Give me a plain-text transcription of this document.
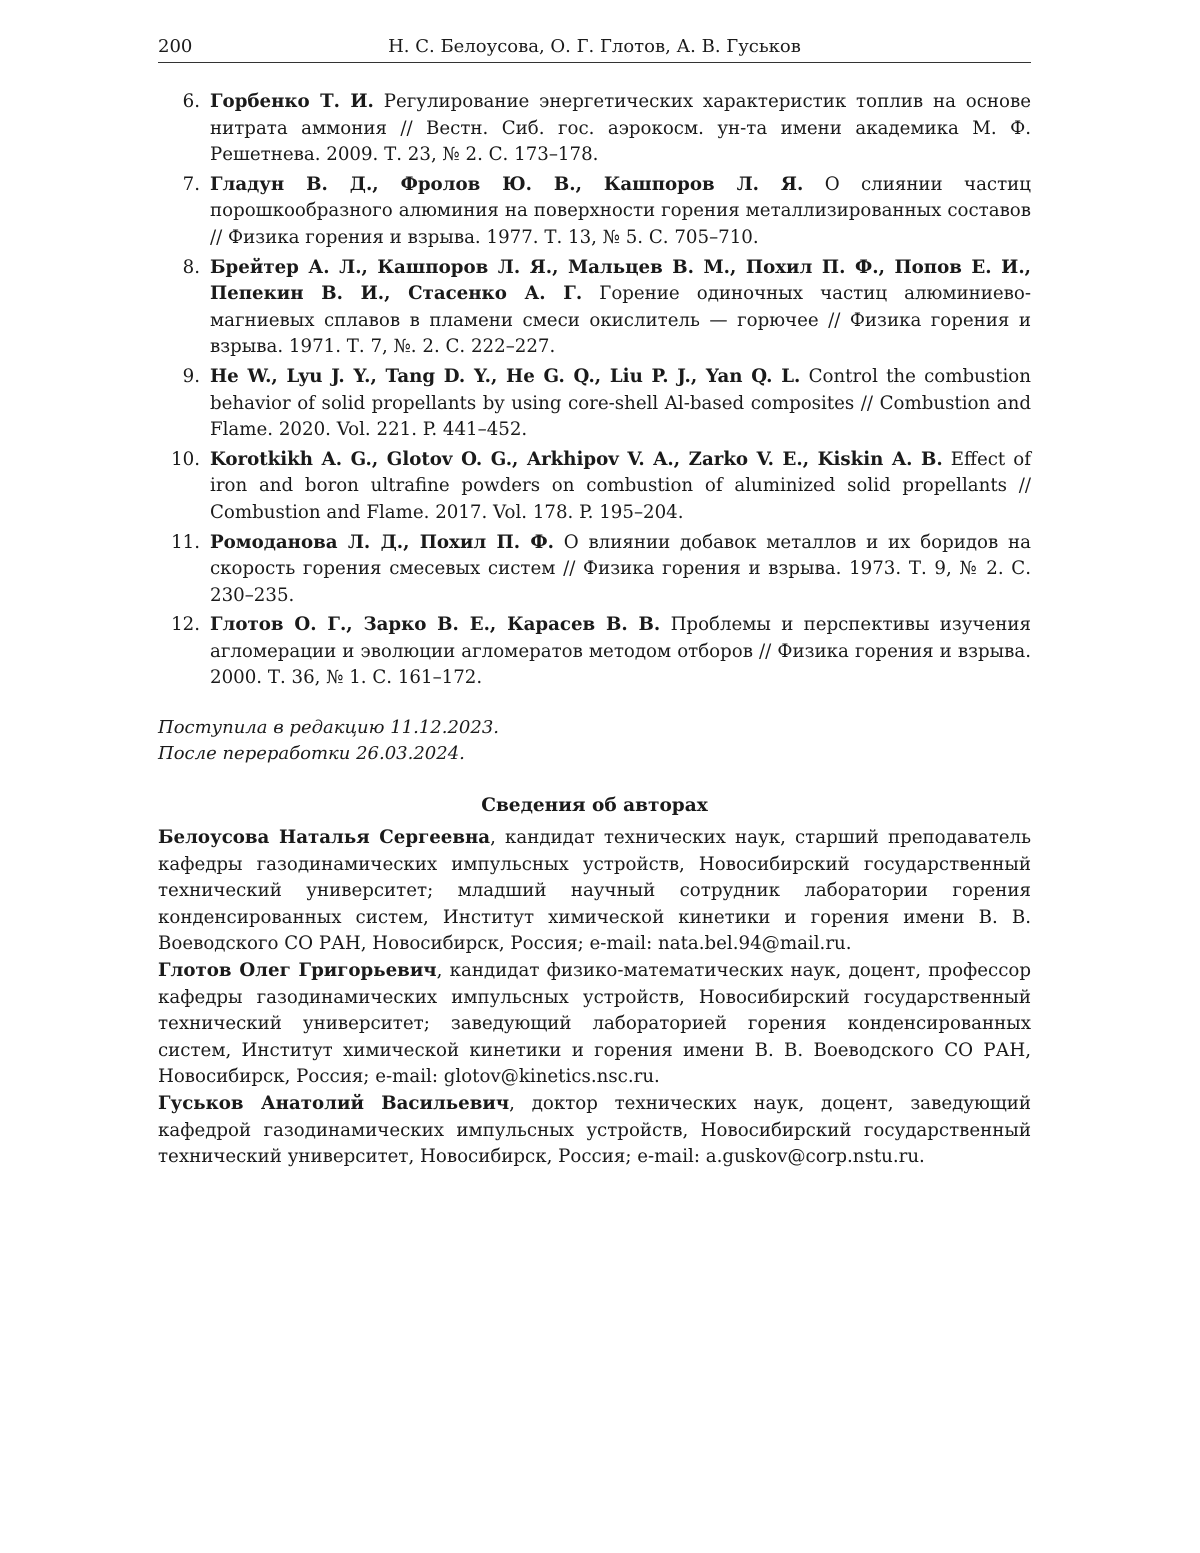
200	Н. С. Белоусова, О. Г. Глотов, А. В. Гуськов
6. Горбенко Т. И. Регулирование энергетических характеристик топлив на основе нитрата аммония // Вестн. Сиб. гос. аэрокосм. ун-та имени академика М. Ф. Решетнева. 2009. Т. 23, № 2. С. 173–178.
7. Гладун В. Д., Фролов Ю. В., Кашпоров Л. Я. О слиянии частиц порошкообразного алюминия на поверхности горения металлизированных составов // Физика горения и взрыва. 1977. Т. 13, № 5. С. 705–710.
8. Брейтер А. Л., Кашпоров Л. Я., Мальцев В. М., Похил П. Ф., Попов Е. И., Пепекин В. И., Стасенко А. Г. Горение одиночных частиц алюминиево-магниевых сплавов в пламени смеси окислитель — горючее // Физика горения и взрыва. 1971. Т. 7, №. 2. С. 222–227.
9. He W., Lyu J. Y., Tang D. Y., He G. Q., Liu P. J., Yan Q. L. Control the combustion behavior of solid propellants by using core-shell Al-based composites // Combustion and Flame. 2020. Vol. 221. P. 441–452.
10. Korotkikh A. G., Glotov O. G., Arkhipov V. A., Zarko V. E., Kiskin A. B. Effect of iron and boron ultrafine powders on combustion of aluminized solid propellants // Combustion and Flame. 2017. Vol. 178. P. 195–204.
11. Ромоданова Л. Д., Похил П. Ф. О влиянии добавок металлов и их боридов на скорость горения смесевых систем // Физика горения и взрыва. 1973. Т. 9, № 2. С. 230–235.
12. Глотов О. Г., Зарко В. Е., Карасев В. В. Проблемы и перспективы изучения агломерации и эволюции агломератов методом отборов // Физика горения и взрыва. 2000. Т. 36, № 1. С. 161–172.
Поступила в редакцию 11.12.2023.
После переработки 26.03.2024.
Сведения об авторах
Белоусова Наталья Сергеевна, кандидат технических наук, старший преподаватель кафедры газодинамических импульсных устройств, Новосибирский государственный технический университет; младший научный сотрудник лаборатории горения конденсированных систем, Институт химической кинетики и горения имени В. В. Воеводского СО РАН, Новосибирск, Россия; e-mail: nata.bel.94@mail.ru.
Глотов Олег Григорьевич, кандидат физико-математических наук, доцент, профессор кафедры газодинамических импульсных устройств, Новосибирский государственный технический университет; заведующий лабораторией горения конденсированных систем, Институт химической кинетики и горения имени В. В. Воеводского СО РАН, Новосибирск, Россия; e-mail: glotov@kinetics.nsc.ru.
Гуськов Анатолий Васильевич, доктор технических наук, доцент, заведующий кафедрой газодинамических импульсных устройств, Новосибирский государственный технический университет, Новосибирск, Россия; e-mail: a.guskov@corp.nstu.ru.
